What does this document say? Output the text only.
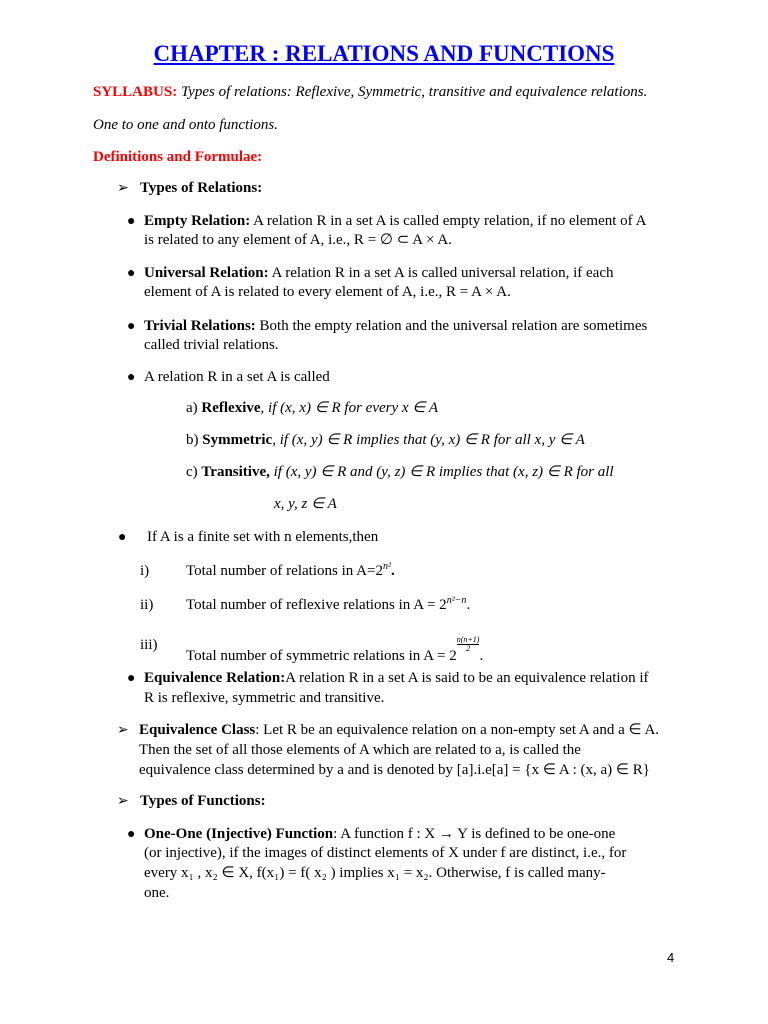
CHAPTER : RELATIONS AND FUNCTIONS
SYLLABUS: Types of relations: Reflexive, Symmetric, transitive and equivalence relations.
One to one and onto functions.
Definitions and Formulae:
➢ Types of Relations:
● Empty Relation: A relation R in a set A is called empty relation, if no element of A
is related to any element of A, i.e., R = ∅ ⊂ A × A.
● Universal Relation: A relation R in a set A is called universal relation, if each
element of A is related to every element of A, i.e., R = A × A.
● Trivial Relations: Both the empty relation and the universal relation are sometimes
called trivial relations.
● A relation R in a set A is called
a) Reflexive, if (x, x) ∈ R for every x ∈ A
b) Symmetric, if (x, y) ∈ R implies that (y, x) ∈ R for all x, y ∈ A
c) Transitive, if (x, y) ∈ R and (y, z) ∈ R implies that (x, z) ∈ R for all
x, y, z ∈ A
● If A is a finite set with n elements,then
i) Total number of relations in $A=2^{n^2}$.
ii) Total number of reflexive relations in $A = 2^{n^2-n}$.
iii)
Total number of symmetric relations in A = 2
$\frac{n(n+1)}{2}$
.
● Equivalence Relation:A relation R in a set A is said to be an equivalence relation if
R is reflexive, symmetric and transitive.
➢ Equivalence Class: Let R be an equivalence relation on a non-empty set A and a ∈ A.
Then the set of all those elements of A which are related to a, is called the
equivalence class determined by a and is denoted by [a].i.e[a] = {x ∈ A : (x, a) ∈ R}
➢ Types of Functions:
● One-One (Injective) Function: A function f : X → Y is defined to be one-one
(or injective), if the images of distinct elements of X under f are distinct, i.e., for
every x₁ , x₂ ∈ X, f(x₁) = f( x₂ ) implies x₁ = x₂. Otherwise, f is called many-
one.
4
